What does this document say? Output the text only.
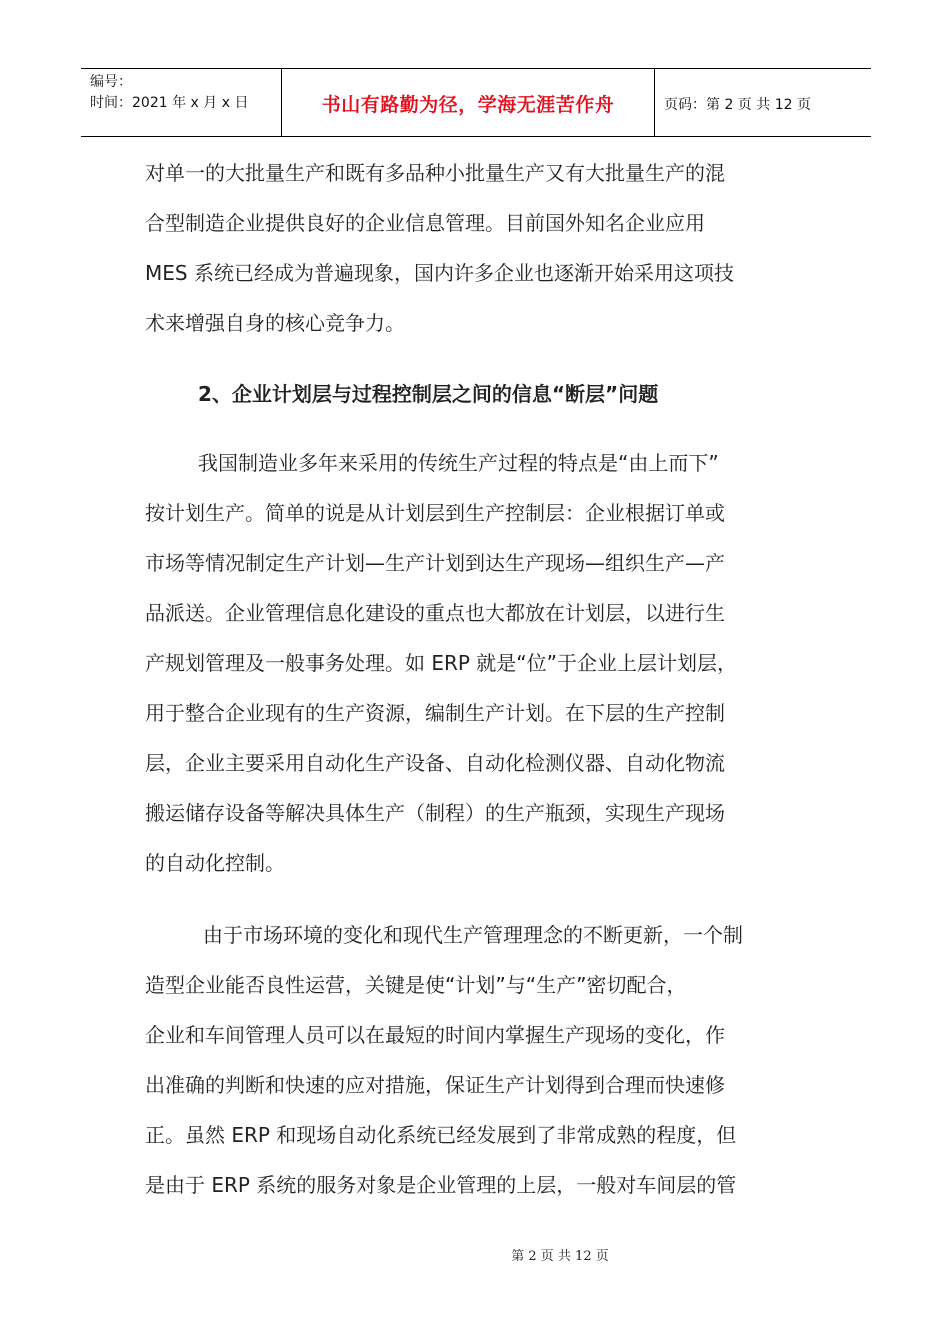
编号：
时间：2021 年 x 月 x 日	书山有路勤为径，学海无涯苦作舟	页码：第 2 页 共 12 页
对单一的大批量生产和既有多品种小批量生产又有大批量生产的混
合型制造企业提供良好的企业信息管理。目前国外知名企业应用
MES 系统已经成为普遍现象，国内许多企业也逐渐开始采用这项技
术来增强自身的核心竞争力。
2、企业计划层与过程控制层之间的信息“断层”问题
我国制造业多年来采用的传统生产过程的特点是“由上而下”
按计划生产。简单的说是从计划层到生产控制层：企业根据订单或
市场等情况制定生产计划—生产计划到达生产现场—组织生产—产
品派送。企业管理信息化建设的重点也大都放在计划层，以进行生
产规划管理及一般事务处理。如 ERP 就是“位”于企业上层计划层，
用于整合企业现有的生产资源，编制生产计划。在下层的生产控制
层，企业主要采用自动化生产设备、自动化检测仪器、自动化物流
搬运储存设备等解决具体生产（制程）的生产瓶颈，实现生产现场
的自动化控制。
由于市场环境的变化和现代生产管理理念的不断更新，一个制
造型企业能否良性运营，关键是使“计划”与“生产”密切配合，
企业和车间管理人员可以在最短的时间内掌握生产现场的变化，作
出准确的判断和快速的应对措施，保证生产计划得到合理而快速修
正。虽然 ERP 和现场自动化系统已经发展到了非常成熟的程度，但
是由于 ERP 系统的服务对象是企业管理的上层，一般对车间层的管
第 2 页 共 12 页
